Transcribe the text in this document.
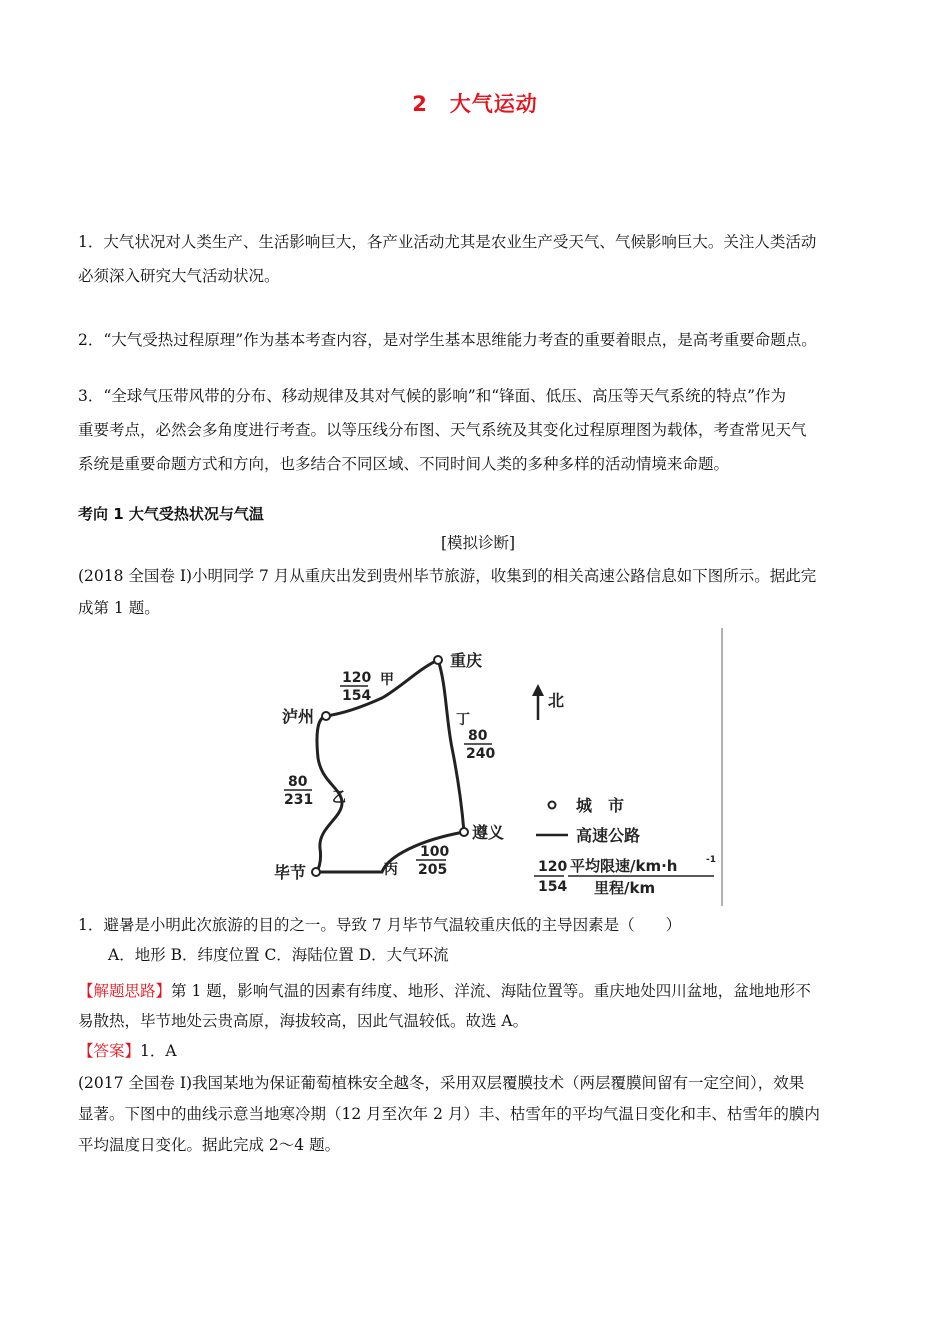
2　大气运动
1．大气状况对人类生产、生活影响巨大，各产业活动尤其是农业生产受天气、气候影响巨大。关注人类活动
必须深入研究大气活动状况。
2．“大气受热过程原理”作为基本考查内容，是对学生基本思维能力考查的重要着眼点，是高考重要命题点。
3．“全球气压带风带的分布、移动规律及其对气候的影响”和“锋面、低压、高压等天气系统的特点”作为
重要考点，必然会多角度进行考查。以等压线分布图、天气系统及其变化过程原理图为载体，考查常见天气
系统是重要命题方式和方向，也多结合不同区域、不同时间人类的多种多样的活动情境来命题。
考向 1 大气受热状况与气温
[模拟诊断]
(2018 全国卷 I)小明同学 7 月从重庆出发到贵州毕节旅游，收集到的相关高速公路信息如下图所示。据此完
成第 1 题。
重庆
泸州
遵义
毕节
甲
乙
丙
丁
120
154
80
240
80
231
100
205
北
城　市
高速公路
120
154
平均限速/km·h	-1
里程/km
1．避暑是小明此次旅游的目的之一。导致 7 月毕节气温较重庆低的主导因素是（　　）
A．地形 B．纬度位置 C．海陆位置 D．大气环流
【解题思路】第 1 题，影响气温的因素有纬度、地形、洋流、海陆位置等。重庆地处四川盆地，盆地地形不
易散热，毕节地处云贵高原，海拔较高，因此气温较低。故选 A。
【答案】1．A
(2017 全国卷 I)我国某地为保证葡萄植株安全越冬，采用双层覆膜技术（两层覆膜间留有一定空间），效果
显著。下图中的曲线示意当地寒冷期（12 月至次年 2 月）丰、枯雪年的平均气温日变化和丰、枯雪年的膜内
平均温度日变化。据此完成 2～4 题。
